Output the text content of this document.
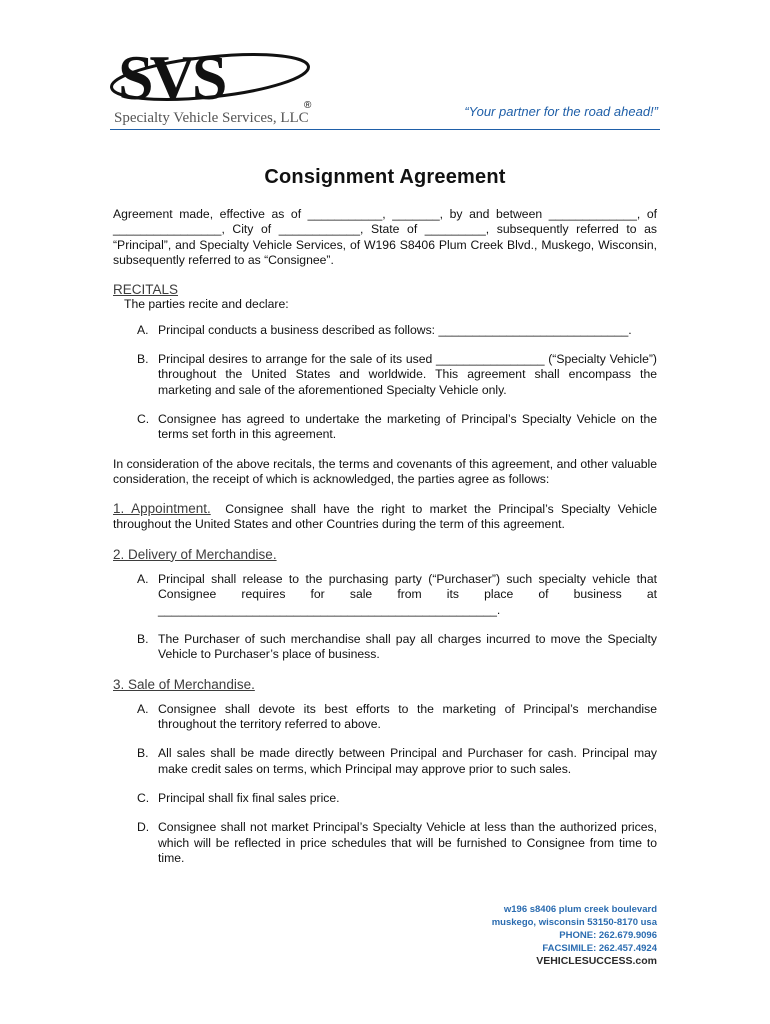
SVS	®
Specialty Vehicle Services, LLC	“Your partner for the road ahead!”
Consignment Agreement

Agreement made, effective as of ___________, _______, by and between _____________, of ________________, City of ____________, State of _________, subsequently referred to as “Principal”, and Specialty Vehicle Services, of W196 S8406 Plum Creek Blvd., Muskego, Wisconsin, subsequently referred to as “Consignee”.

RECITALS
The parties recite and declare:
A. Principal conducts a business described as follows: ____________________________.
B. Principal desires to arrange for the sale of its used ________________ (“Specialty Vehicle”) throughout the United States and worldwide. This agreement shall encompass the marketing and sale of the aforementioned Specialty Vehicle only.
C. Consignee has agreed to undertake the marketing of Principal’s Specialty Vehicle on the terms set forth in this agreement.

In consideration of the above recitals, the terms and covenants of this agreement, and other valuable consideration, the receipt of which is acknowledged, the parties agree as follows:

1. Appointment. Consignee shall have the right to market the Principal’s Specialty Vehicle throughout the United States and other Countries during the term of this agreement.

2. Delivery of Merchandise.
A. Principal shall release to the purchasing party (“Purchaser”) such specialty vehicle that Consignee requires for sale from its place of business at
__________________________________________________.
B. The Purchaser of such merchandise shall pay all charges incurred to move the Specialty Vehicle to Purchaser’s place of business.
3. Sale of Merchandise.
A. Consignee shall devote its best efforts to the marketing of Principal’s merchandise throughout the territory referred to above.
B. All sales shall be made directly between Principal and Purchaser for cash. Principal may make credit sales on terms, which Principal may approve prior to such sales.
C. Principal shall fix final sales price.
D. Consignee shall not market Principal’s Specialty Vehicle at less than the authorized prices, which will be reflected in price schedules that will be furnished to Consignee from time to time.
w196 s8406 plum creek boulevard
muskego, wisconsin 53150-8170 usa
PHONE: 262.679.9096
FACSIMILE: 262.457.4924
VEHICLESUCCESS.com
